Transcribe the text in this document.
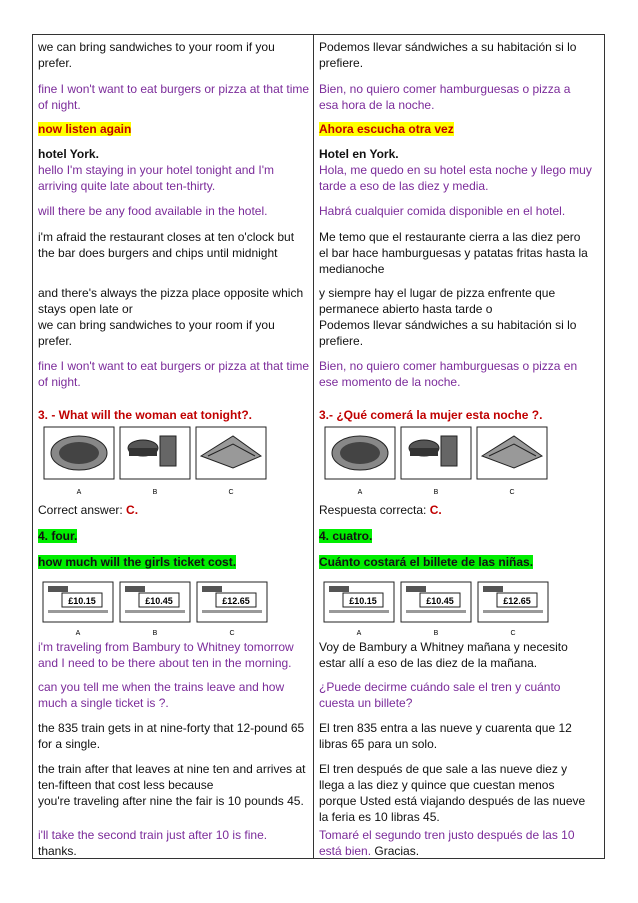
we can bring sandwiches to your room if you
prefer.
fine I won't want to eat burgers or pizza at that time
of night.
now listen again
hotel York.
hello I'm staying in your hotel tonight and I'm
arriving quite late about ten-thirty.
will there be any food available in the hotel.
i'm afraid the restaurant closes at ten o'clock but
the bar does burgers and chips until midnight
and there's always the pizza place opposite which
stays open late or
we can bring sandwiches to your room if you
prefer.
fine I won't want to eat burgers or pizza at that time
of night.
3. - What will the woman eat tonight?.
A	B	C
Correct answer: C.
4. four.
how much will the girls ticket cost.
£10.15
A
£10.45
B
£12.65
C
i'm traveling from Bambury to Whitney tomorrow
and I need to be there about ten in the morning.
can you tell me when the trains leave and how
much a single ticket is ?.
the 835 train gets in at nine-forty that 12-pound 65
for a single.
the train after that leaves at nine ten and arrives at
ten-fifteen that cost less because
you're traveling after nine the fair is 10 pounds 45.
i'll take the second train just after 10 is fine.
thanks.
Podemos llevar sándwiches a su habitación si lo
prefiere.
Bien, no quiero comer hamburguesas o pizza a
esa hora de la noche.
Ahora escucha otra vez
Hotel en York.
Hola, me quedo en su hotel esta noche y llego muy
tarde a eso de las diez y media.
Habrá cualquier comida disponible en el hotel.
Me temo que el restaurante cierra a las diez pero
el bar hace hamburguesas y patatas fritas hasta la
medianoche
y siempre hay el lugar de pizza enfrente que
permanece abierto hasta tarde o
Podemos llevar sándwiches a su habitación si lo
prefiere.
Bien, no quiero comer hamburguesas o pizza en
ese momento de la noche.
3.- ¿Qué comerá la mujer esta noche ?.
A	B	C
Respuesta correcta: C.
4. cuatro.
Cuánto costará el billete de las niñas.
£10.15
A
£10.45
B
£12.65
C
Voy de Bambury a Whitney mañana y necesito
estar allí a eso de las diez de la mañana.
¿Puede decirme cuándo sale el tren y cuánto
cuesta un billete?
El tren 835 entra a las nueve y cuarenta que 12
libras 65 para un solo.
El tren después de que sale a las nueve diez y
llega a las diez y quince que cuestan menos
porque Usted está viajando después de las nueve
la feria es 10 libras 45.
Tomaré el segundo tren justo después de las 10
está bien. Gracias.
